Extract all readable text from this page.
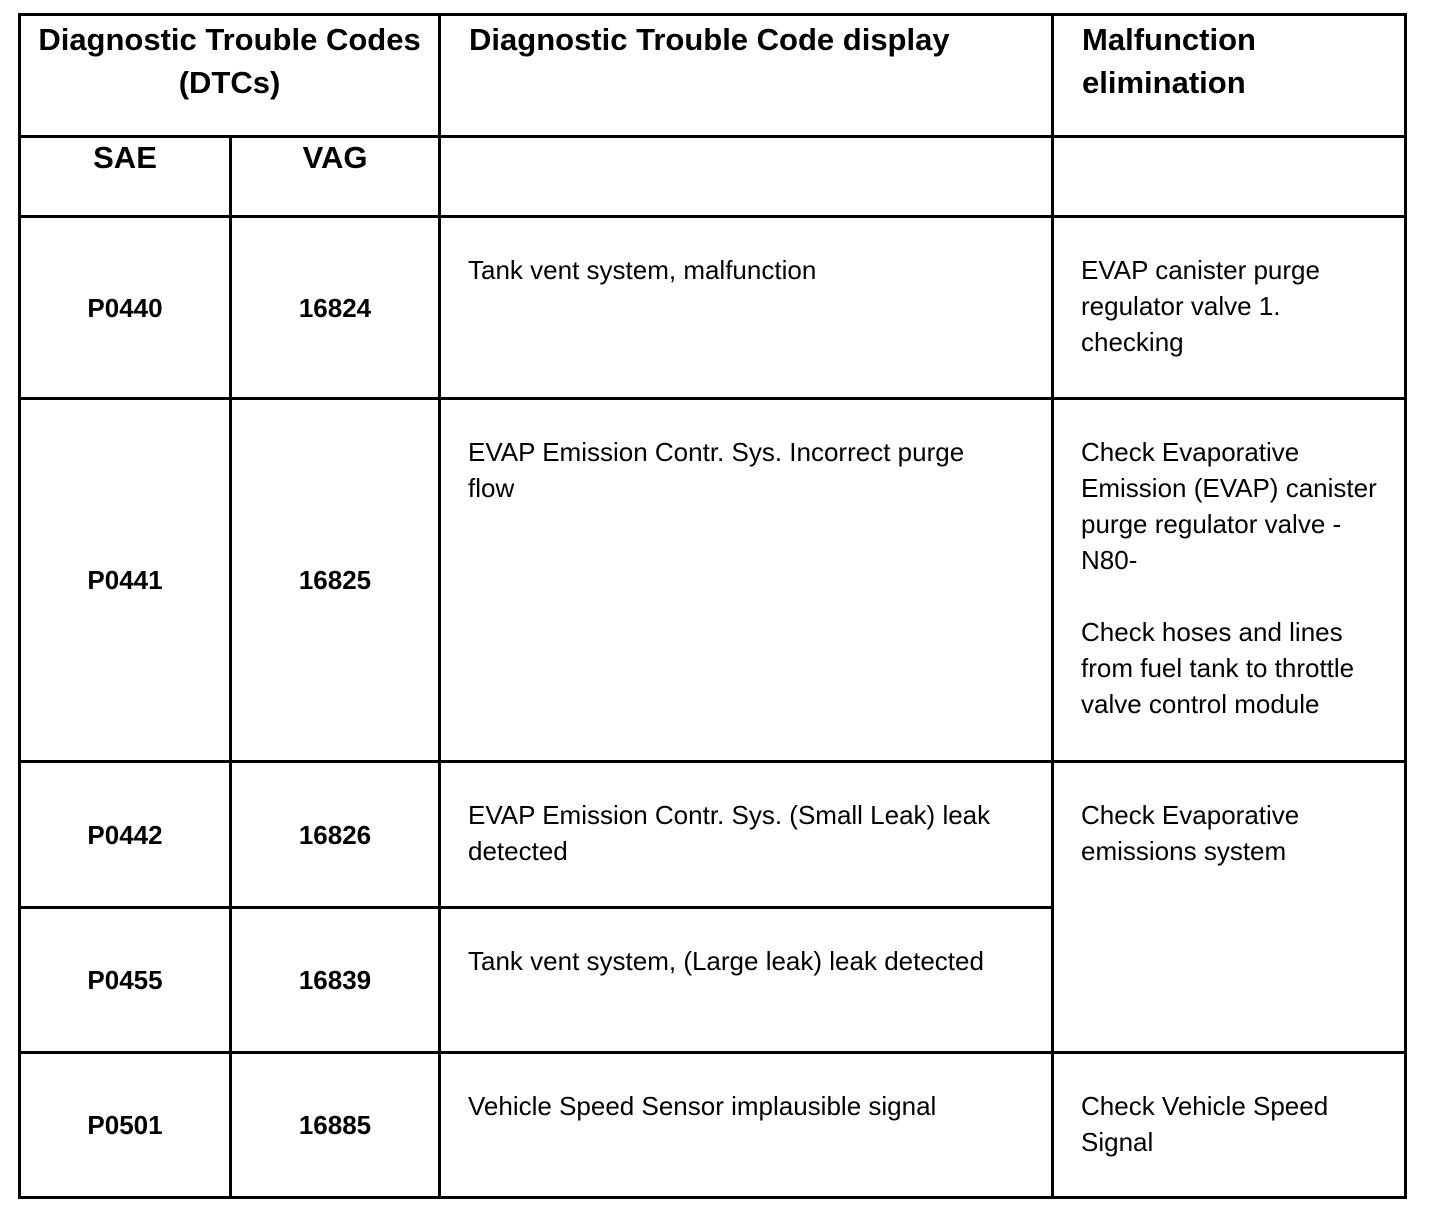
Diagnostic Trouble Codes (DTCs)		Diagnostic Trouble Code display	Malfunction elimination
SAE	VAG		
P0440	16824	Tank vent system, malfunction	EVAP canister purge regulator valve 1. checking

P0441	16825	EVAP Emission Contr. Sys. Incorrect purge flow	Check Evaporative Emission (EVAP) canister purge regulator valve -N80-
Check hoses and lines from fuel tank to throttle valve control module

P0442	16826	EVAP Emission Contr. Sys. (Small Leak) leak detected	Check Evaporative emissions system

P0455	16839	Tank vent system, (Large leak) leak detected	
P0501	16885	Vehicle Speed Sensor implausible signal	Check Vehicle Speed Signal
